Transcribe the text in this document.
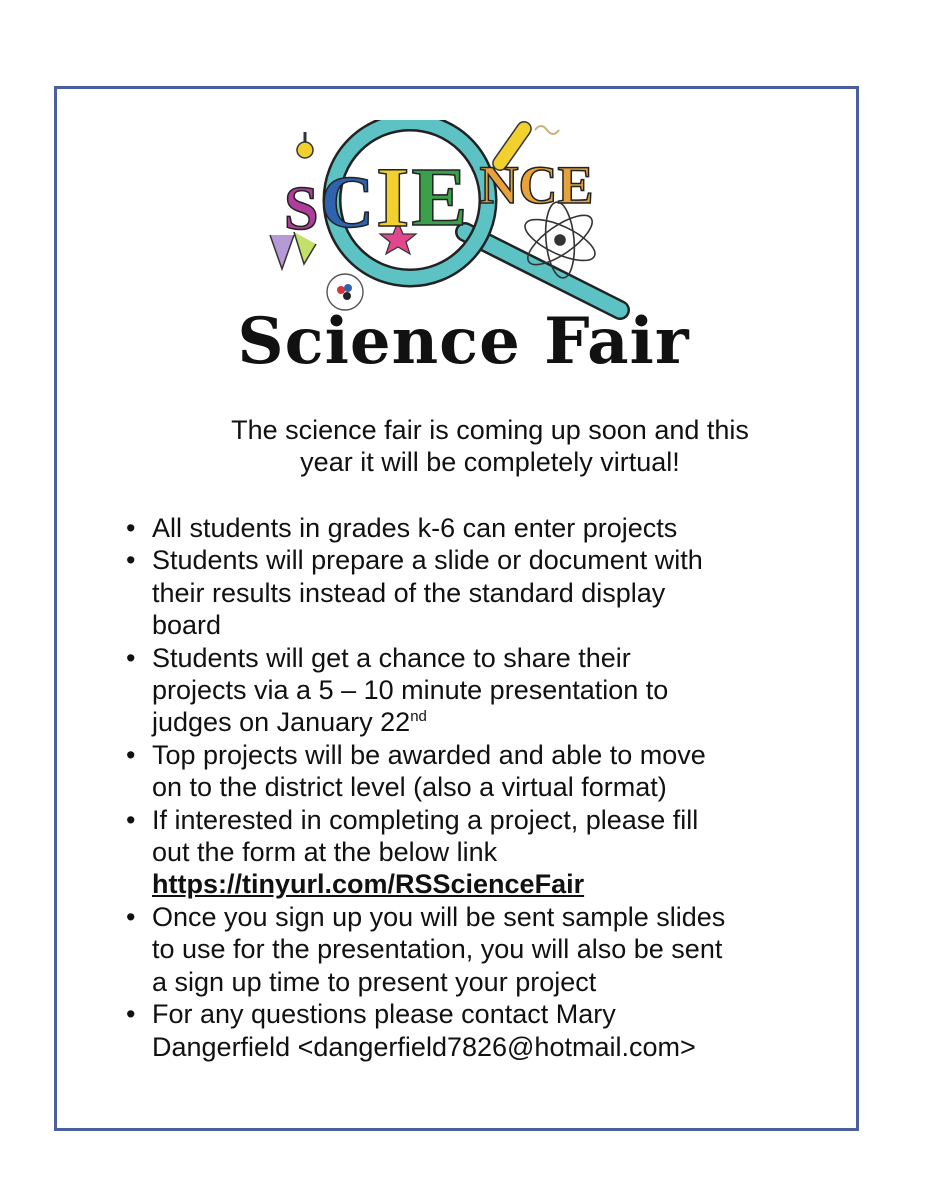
S C I E N C E
Science Fair

The science fair is coming up soon and this
year it will be completely virtual!

• All students in grades k-6 can enter projects
• Students will prepare a slide or document with
their results instead of the standard display
board
• Students will get a chance to share their
projects via a 5 – 10 minute presentation to
judges on January 22nd
• Top projects will be awarded and able to move
on to the district level (also a virtual format)
• If interested in completing a project, please fill
out the form at the below link
https://tinyurl.com/RSScienceFair
• Once you sign up you will be sent sample slides
to use for the presentation, you will also be sent
a sign up time to present your project
• For any questions please contact Mary
Dangerfield <dangerfield7826@hotmail.com>
